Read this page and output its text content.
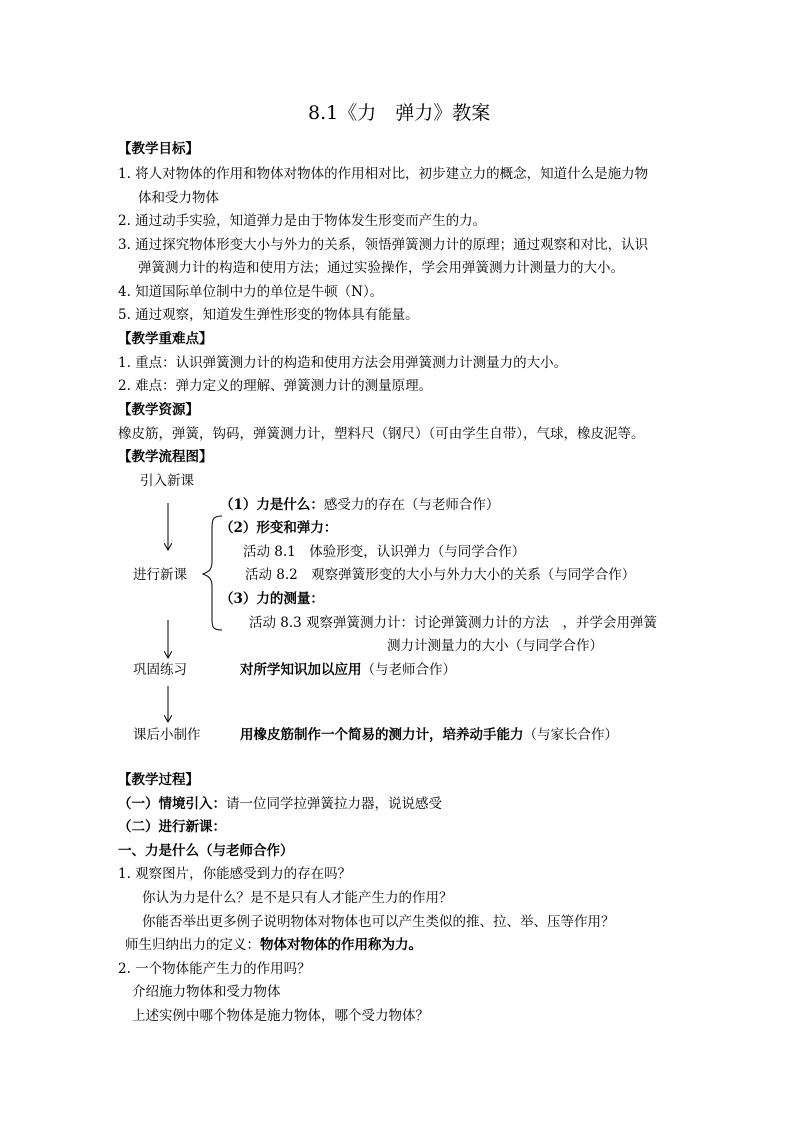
8.1《力　弹力》教案
【教学目标】
1. 将人对物体的作用和物体对物体的作用相对比，初步建立力的概念，知道什么是施力物
体和受力物体
2. 通过动手实验，知道弹力是由于物体发生形变而产生的力。
3. 通过探究物体形变大小与外力的关系，领悟弹簧测力计的原理；通过观察和对比，认识
弹簧测力计的构造和使用方法；通过实验操作，学会用弹簧测力计测量力的大小。
4. 知道国际单位制中力的单位是牛顿（N）。
5. 通过观察，知道发生弹性形变的物体具有能量。
【教学重难点】
1. 重点：认识弹簧测力计的构造和使用方法会用弹簧测力计测量力的大小。
2. 难点：弹力定义的理解、弹簧测力计的测量原理。
【教学资源】
橡皮筋，弹簧，钩码，弹簧测力计，塑料尺（钢尺）（可由学生自带），气球，橡皮泥等。
【教学流程图】
引入新课
（1）力是什么：感受力的存在（与老师合作）
（2）形变和弹力：
活动 8.1　体验形变，认识弹力（与同学合作）
进行新课	活动 8.2　观察弹簧形变的大小与外力大小的关系（与同学合作）
（3）力的测量：
活动 8.3 观察弹簧测力计：讨论弹簧测力计的方法　，并学会用弹簧
测力计测量力的大小（与同学合作）
巩固练习	对所学知识加以应用（与老师合作）
课后小制作	用橡皮筋制作一个简易的测力计，培养动手能力（与家长合作）
【教学过程】
（一）情境引入：请一位同学拉弹簧拉力器，说说感受
（二）进行新课：
一、力是什么（与老师合作）
1. 观察图片，你能感受到力的存在吗？
你认为力是什么？是不是只有人才能产生力的作用？
你能否举出更多例子说明物体对物体也可以产生类似的推、拉、举、压等作用？
师生归纳出力的定义：物体对物体的作用称为力。
2. 一个物体能产生力的作用吗？
介绍施力物体和受力物体
上述实例中哪个物体是施力物体，哪个受力物体？
